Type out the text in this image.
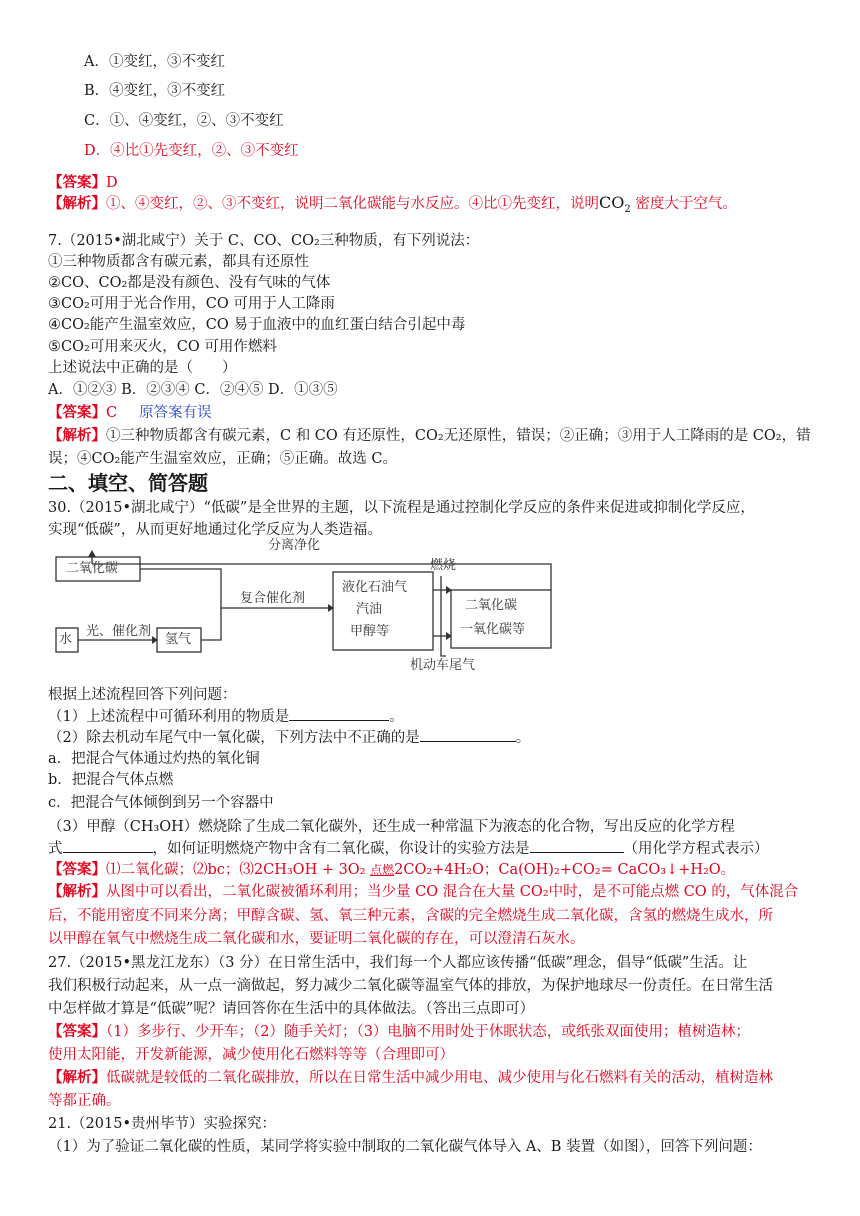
A．①变红，③不变红
B．④变红，③不变红
C．①、④变红，②、③不变红
D．④比①先变红，②、③不变红
【答案】D
【解析】①、④变红，②、③不变红，说明二氧化碳能与水反应。④比①先变红，说明$CO_2$ 密度大于空气。
7.（2015•湖北咸宁）关于 C、CO、CO₂三种物质，有下列说法：
①三种物质都含有碳元素，都具有还原性
②CO、CO₂都是没有颜色、没有气味的气体
③CO₂可用于光合作用，CO 可用于人工降雨
④CO₂能产生温室效应，CO 易于血液中的血红蛋白结合引起中毒
⑤CO₂可用来灭火，CO 可用作燃料
上述说法中正确的是（　　）
A．①②③ B．②③④ C．②④⑤ D．①③⑤
【答案】C 原答案有误
【解析】①三种物质都含有碳元素，C 和 CO 有还原性，CO₂无还原性，错误；②正确；③用于人工降雨的是 CO₂，错
误；④CO₂能产生温室效应，正确；⑤正确。故选 C。
二、填空、简答题
30.（2015•湖北咸宁）“低碳”是全世界的主题，以下流程是通过控制化学反应的条件来促进或抑制化学反应，
实现“低碳”，从而更好地通过化学反应为人类造福。
分离净化
二氧化碳
水
光、催化剂
氢气
复合催化剂
液化石油气
汽油
甲醇等
燃烧
二氧化碳
一氧化碳等
机动车尾气
根据上述流程回答下列问题：
（1）上述流程中可循环利用的物质是	。
（2）除去机动车尾气中一氧化碳，下列方法中不正确的是	。
a．把混合气体通过灼热的氧化铜
b．把混合气体点燃
c．把混合气体倾倒到另一个容器中
（3）甲醇（CH₃OH）燃烧除了生成二氧化碳外，还生成一种常温下为液态的化合物，写出反应的化学方程
式	，如何证明燃烧产物中含有二氧化碳，你设计的实验方法是	（用化学方程式表示）
【答案】⑴二氧化碳；⑵bc；⑶2CH₃OH + 3O₂ 点燃2CO₂+4H₂O；Ca(OH)₂+CO₂= CaCO₃↓+H₂O。
【解析】从图中可以看出，二氧化碳被循环利用；当少量 CO 混合在大量 CO₂中时，是不可能点燃 CO 的，气体混合
后，不能用密度不同来分离；甲醇含碳、氢、氧三种元素，含碳的完全燃烧生成二氧化碳，含氢的燃烧生成水，所
以甲醇在氧气中燃烧生成二氧化碳和水，要证明二氧化碳的存在，可以澄清石灰水。
27.（2015•黑龙江龙东）（3 分）在日常生活中，我们每一个人都应该传播“低碳”理念，倡导“低碳”生活。让
我们积极行动起来，从一点一滴做起，努力减少二氧化碳等温室气体的排放，为保护地球尽一份责任。在日常生活
中怎样做才算是“低碳”呢？请回答你在生活中的具体做法。（答出三点即可）
【答案】（1）多步行、少开车；（2）随手关灯；（3）电脑不用时处于休眠状态，或纸张双面使用；植树造林；
使用太阳能，开发新能源，减少使用化石燃料等等（合理即可）
【解析】低碳就是较低的二氧化碳排放，所以在日常生活中减少用电、减少使用与化石燃料有关的活动，植树造林
等都正确。
21.（2015•贵州毕节）实验探究：
（1）为了验证二氧化碳的性质，某同学将实验中制取的二氧化碳气体导入 A、B 装置（如图），回答下列问题：
